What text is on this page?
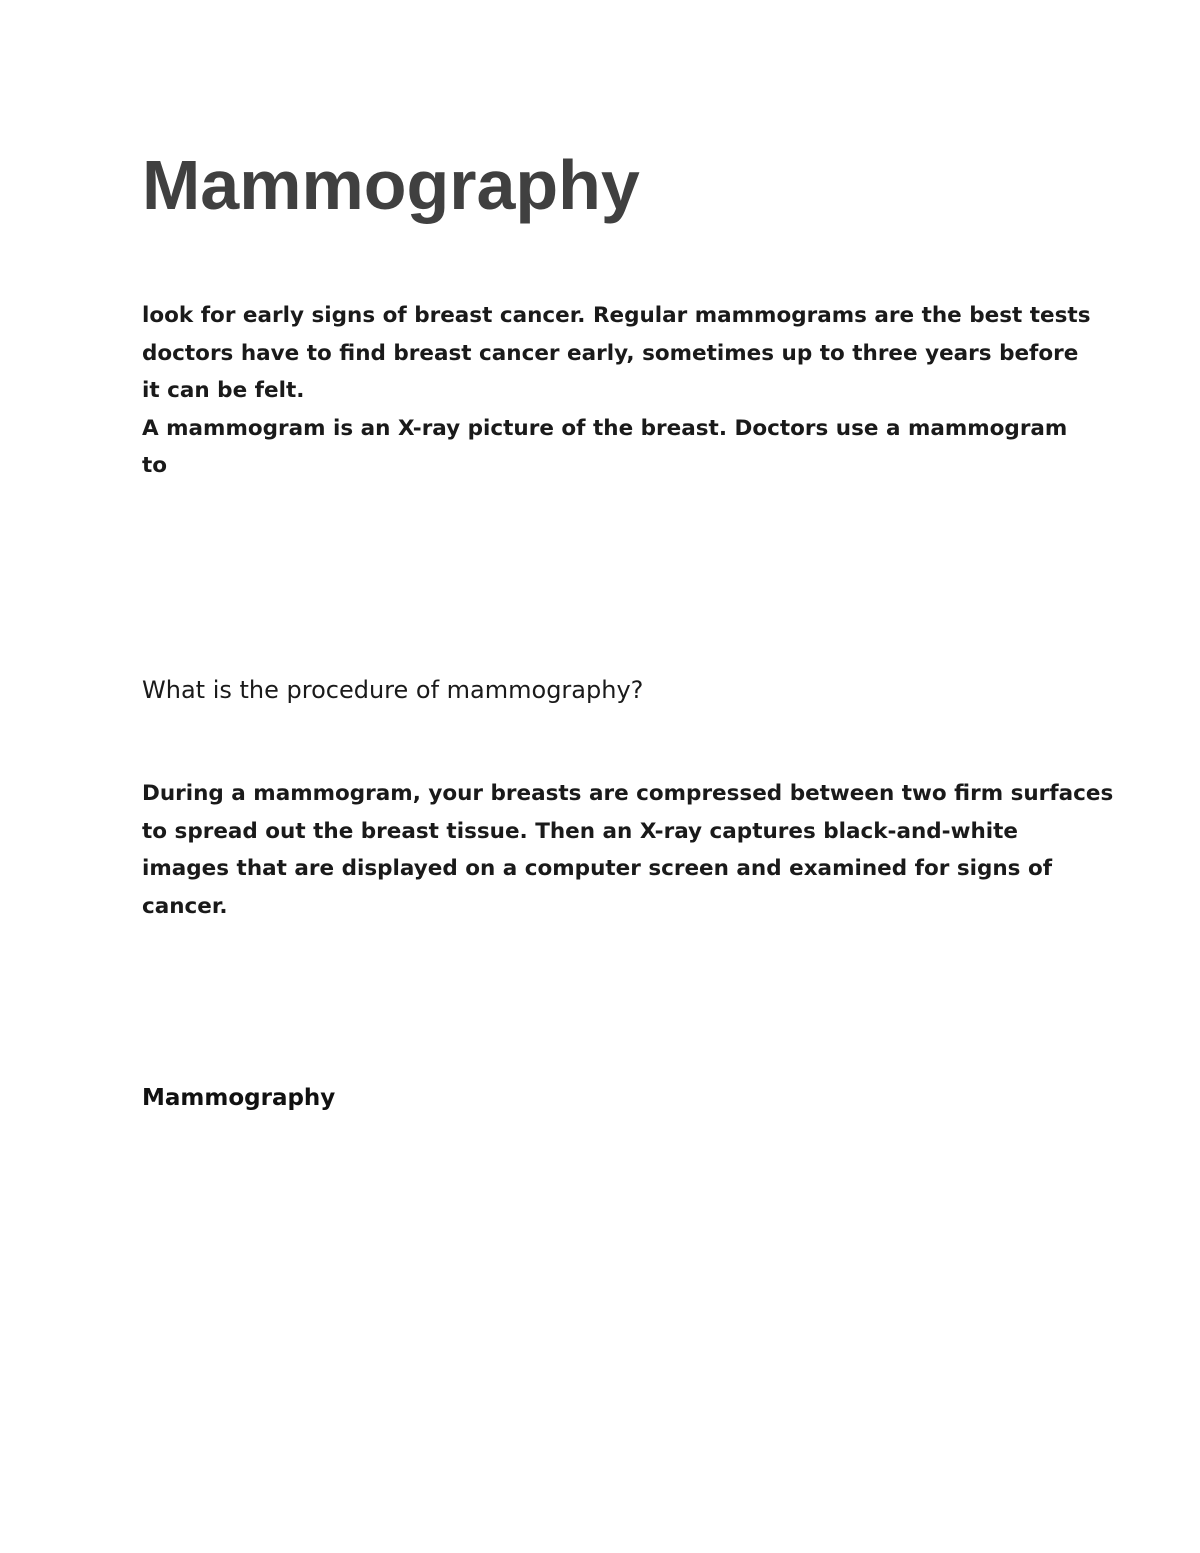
Mammography
look for early signs of breast cancer. Regular mammograms are the best tests
doctors have to find breast cancer early, sometimes up to three years before
it can be felt.
A mammogram is an X-ray picture of the breast. Doctors use a mammogram
to
What is the procedure of mammography?
During a mammogram, your breasts are compressed between two firm surfaces
to spread out the breast tissue. Then an X-ray captures black-and-white
images that are displayed on a computer screen and examined for signs of
cancer.
Mammography
